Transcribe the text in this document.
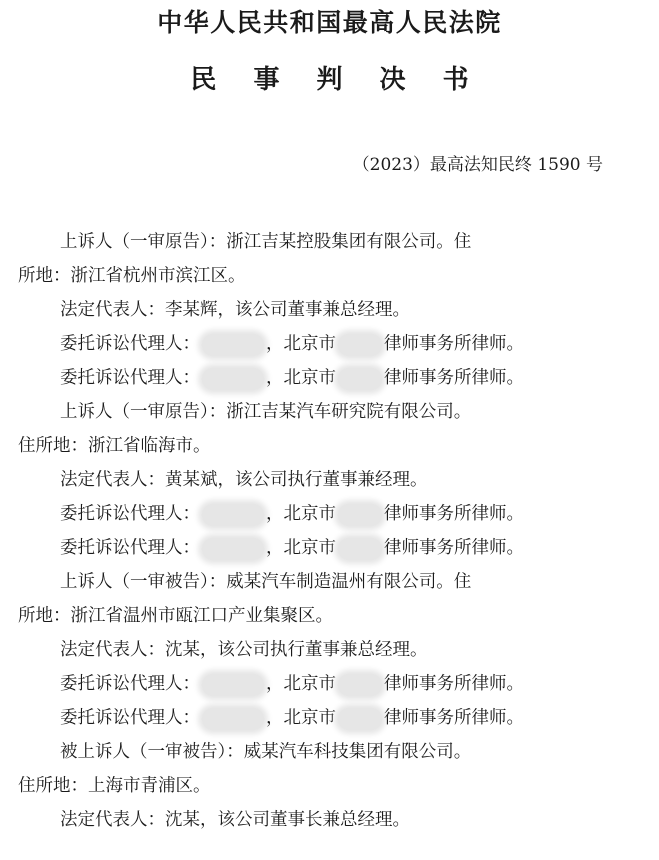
中华人民共和国最高人民法院
民 事 判 决 书
（2023）最高法知民终 1590 号
上诉人（一审原告）：浙江吉某控股集团有限公司。住
所地：浙江省杭州市滨江区。
法定代表人：李某辉，该公司董事兼总经理。
委托诉讼代理人：	，北京市	律师事务所律师。
委托诉讼代理人：	，北京市	律师事务所律师。
上诉人（一审原告）：浙江吉某汽车研究院有限公司。
住所地：浙江省临海市。
法定代表人：黄某斌，该公司执行董事兼经理。
委托诉讼代理人：	，北京市	律师事务所律师。
委托诉讼代理人：	，北京市	律师事务所律师。
上诉人（一审被告）：威某汽车制造温州有限公司。住
所地：浙江省温州市瓯江口产业集聚区。
法定代表人：沈某，该公司执行董事兼总经理。
委托诉讼代理人：	，北京市	律师事务所律师。
委托诉讼代理人：	，北京市	律师事务所律师。
被上诉人（一审被告）：威某汽车科技集团有限公司。
住所地：上海市青浦区。
法定代表人：沈某，该公司董事长兼总经理。
